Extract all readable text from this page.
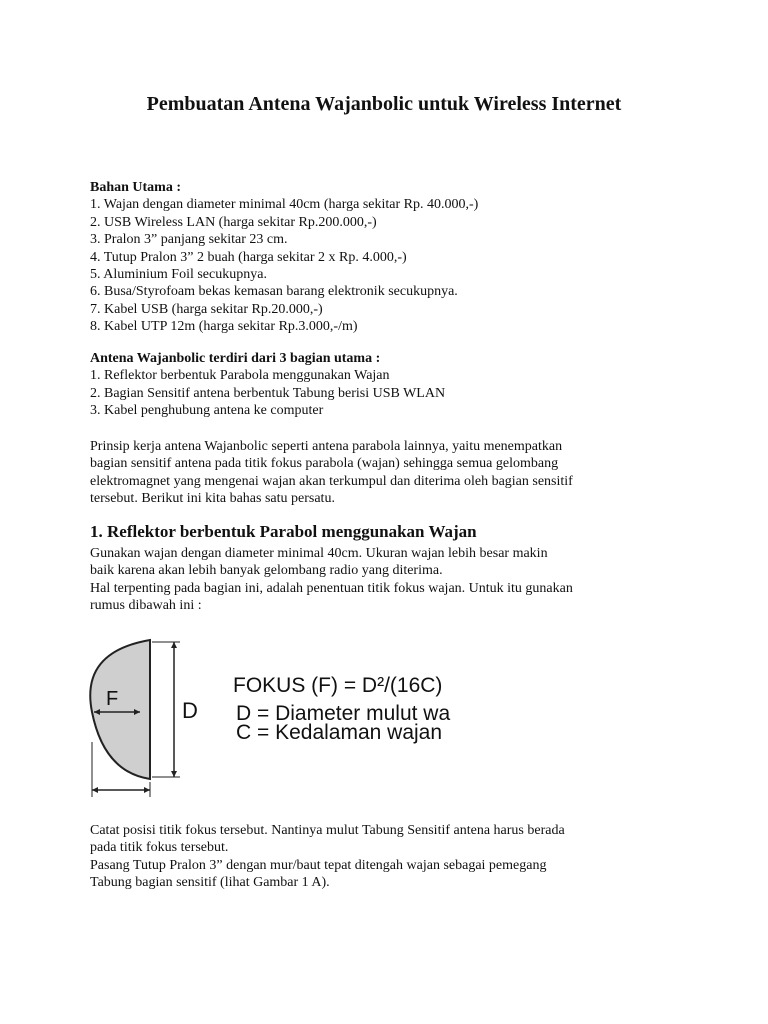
Pembuatan Antena Wajanbolic untuk Wireless Internet

Bahan Utama :

1. Wajan dengan diameter minimal 40cm (harga sekitar Rp. 40.000,-)

2. USB Wireless LAN (harga sekitar Rp.200.000,-)

3. Pralon 3” panjang sekitar 23 cm.

4. Tutup Pralon 3” 2 buah (harga sekitar 2 x Rp. 4.000,-)

5. Aluminium Foil secukupnya.

6. Busa/Styrofoam bekas kemasan barang elektronik secukupnya.

7. Kabel USB (harga sekitar Rp.20.000,-)

8. Kabel UTP 12m (harga sekitar Rp.3.000,-/m)

Antena Wajanbolic terdiri dari 3 bagian utama :

1. Reflektor berbentuk Parabola menggunakan Wajan

2. Bagian Sensitif antena berbentuk Tabung berisi USB WLAN

3. Kabel penghubung antena ke computer

Prinsip kerja antena Wajanbolic seperti antena parabola lainnya, yaitu menempatkan

bagian sensitif antena pada titik fokus parabola (wajan) sehingga semua gelombang

elektromagnet yang mengenai wajan akan terkumpul dan diterima oleh bagian sensitif

tersebut. Berikut ini kita bahas satu persatu.

1. Reflektor berbentuk Parabol menggunakan Wajan

Gunakan wajan dengan diameter minimal 40cm. Ukuran wajan lebih besar makin

baik karena akan lebih banyak gelombang radio yang diterima.

Hal terpenting pada bagian ini, adalah penentuan titik fokus wajan. Untuk itu gunakan

rumus dibawah ini :

F	D
FOKUS (F) = D²/(16C)
D = Diameter mulut wa
C = Kedalaman wajan

Catat posisi titik fokus tersebut. Nantinya mulut Tabung Sensitif antena harus berada

pada titik fokus tersebut.

Pasang Tutup Pralon 3” dengan mur/baut tepat ditengah wajan sebagai pemegang

Tabung bagian sensitif (lihat Gambar 1 A).
